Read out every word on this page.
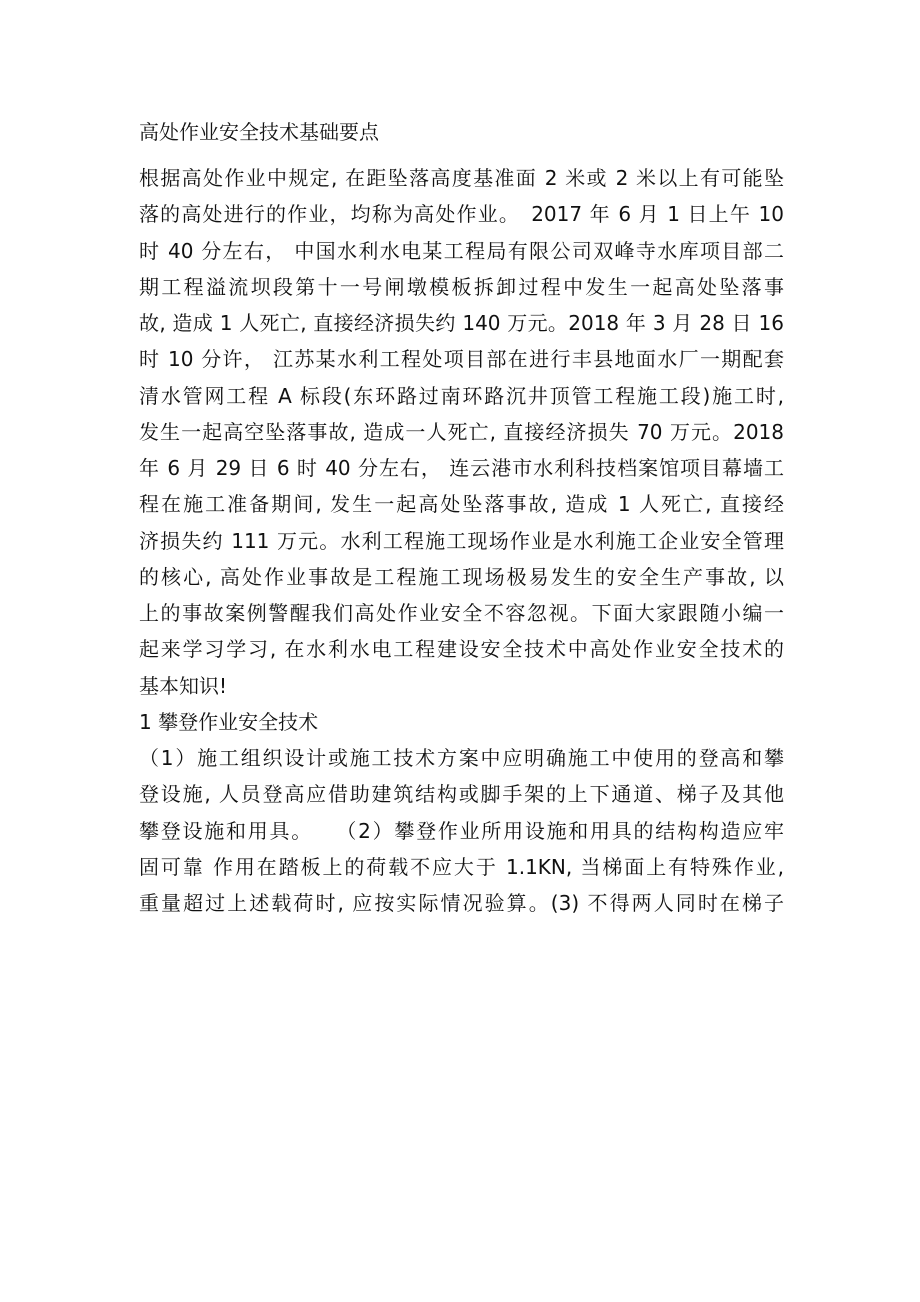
高处作业安全技术基础要点
根据高处作业中规定, 在距坠落高度基准面 2 米或 2 米以上有可能坠
落的高处进行的作业，均称为高处作业。　2017 年 6 月 1 日上午 10
时 40 分左右， 中国水利水电某工程局有限公司双峰寺水库项目部二
期工程溢流坝段第十一号闸墩模板拆卸过程中发生一起高处坠落事
故, 造成 1 人死亡, 直接经济损失约 140 万元。2018 年 3 月 28 日 16
时 10 分许， 江苏某水利工程处项目部在进行丰县地面水厂一期配套
清水管网工程 A 标段(东环路过南环路沉井顶管工程施工段)施工时,
发生一起高空坠落事故, 造成一人死亡, 直接经济损失 70 万元。2018
年 6 月 29 日 6 时 40 分左右， 连云港市水利科技档案馆项目幕墙工
程在施工准备期间, 发生一起高处坠落事故, 造成 1 人死亡, 直接经
济损失约 111 万元。水利工程施工现场作业是水利施工企业安全管理
的核心, 高处作业事故是工程施工现场极易发生的安全生产事故, 以
上的事故案例警醒我们高处作业安全不容忽视。下面大家跟随小编一
起来学习学习, 在水利水电工程建设安全技术中高处作业安全技术的
基本知识!
1 攀登作业安全技术
（1）施工组织设计或施工技术方案中应明确施工中使用的登高和攀
登设施, 人员登高应借助建筑结构或脚手架的上下通道、梯子及其他
攀登设施和用具。　　（2）攀登作业所用设施和用具的结构构造应牢
固可靠 作用在踏板上的荷载不应大于 1.1KN, 当梯面上有特殊作业,
重量超过上述载荷时, 应按实际情况验算。(3) 不得两人同时在梯子
